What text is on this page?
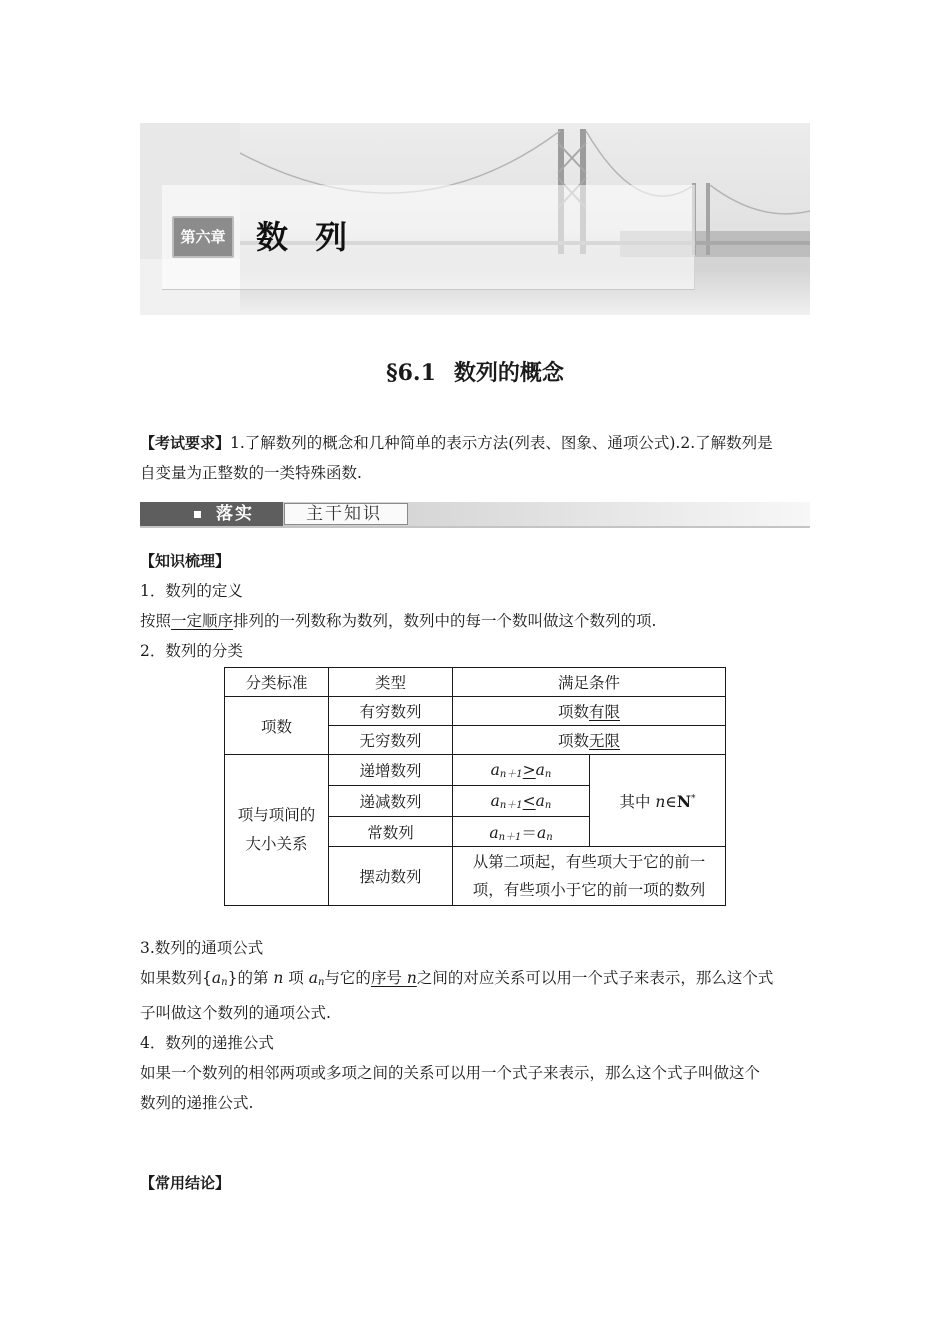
第六章 数 列
§6.1 数列的概念
【考试要求】1.了解数列的概念和几种简单的表示方法(列表、图象、通项公式).2.了解数列是
自变量为正整数的一类特殊函数.
落实	主干知识
【知识梳理】
1．数列的定义
按照一定顺序排列的一列数称为数列，数列中的每一个数叫做这个数列的项.
2．数列的分类
分类标准	类型	满足条件	
项数	有穷数列	项数有限	
	无穷数列	项数无限	

项与项间的
大小关系	递增数列	$an+1>a_n$	其中 n∈N*
	递减数列	$an+1<a_n$
	常数列	$an+1=a_n$
	摆动数列	从第二项起，有些项大于它的前一
项，有些项小于它的前一项的数列	
3.数列的通项公式
如果数列$\{a_n\}$的第 n 项 $a_n$与它的序号 n之间的对应关系可以用一个式子来表示，那么这个式
子叫做这个数列的通项公式.
4．数列的递推公式
如果一个数列的相邻两项或多项之间的关系可以用一个式子来表示，那么这个式子叫做这个
数列的递推公式.
【常用结论】
